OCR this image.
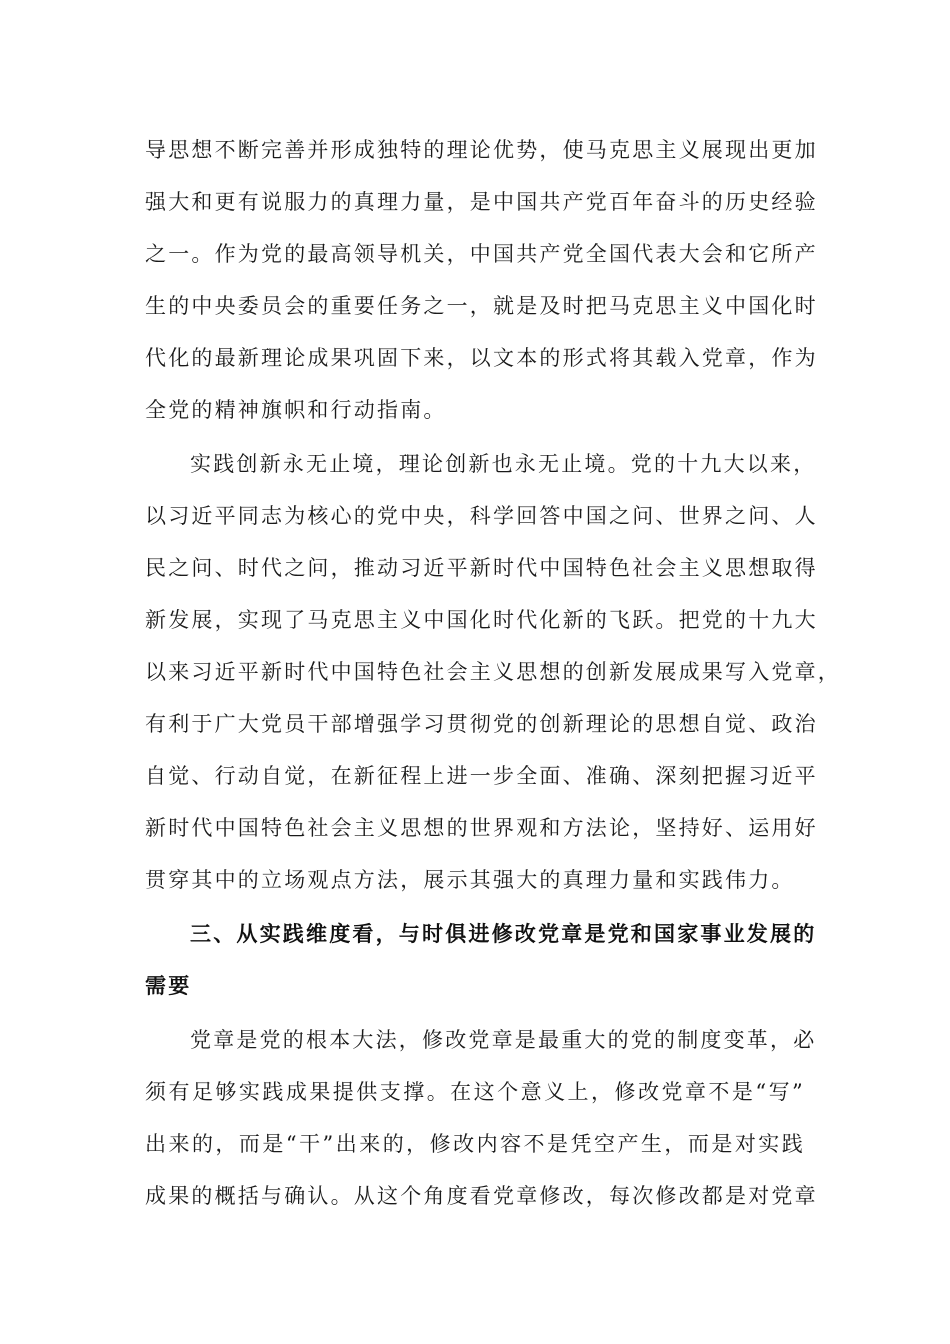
导思想不断完善并形成独特的理论优势，使马克思主义展现出更加
强大和更有说服力的真理力量，是中国共产党百年奋斗的历史经验
之一。作为党的最高领导机关，中国共产党全国代表大会和它所产
生的中央委员会的重要任务之一，就是及时把马克思主义中国化时
代化的最新理论成果巩固下来，以文本的形式将其载入党章，作为
全党的精神旗帜和行动指南。
实践创新永无止境，理论创新也永无止境。党的十九大以来，
以习近平同志为核心的党中央，科学回答中国之问、世界之问、人
民之问、时代之问，推动习近平新时代中国特色社会主义思想取得
新发展，实现了马克思主义中国化时代化新的飞跃。把党的十九大
以来习近平新时代中国特色社会主义思想的创新发展成果写入党章，
有利于广大党员干部增强学习贯彻党的创新理论的思想自觉、政治
自觉、行动自觉，在新征程上进一步全面、准确、深刻把握习近平
新时代中国特色社会主义思想的世界观和方法论，坚持好、运用好
贯穿其中的立场观点方法，展示其强大的真理力量和实践伟力。
三、从实践维度看，与时俱进修改党章是党和国家事业发展的
需要
党章是党的根本大法，修改党章是最重大的党的制度变革，必
须有足够实践成果提供支撑。在这个意义上，修改党章不是“写”
出来的，而是“干”出来的，修改内容不是凭空产生，而是对实践
成果的概括与确认。从这个角度看党章修改，每次修改都是对党章
